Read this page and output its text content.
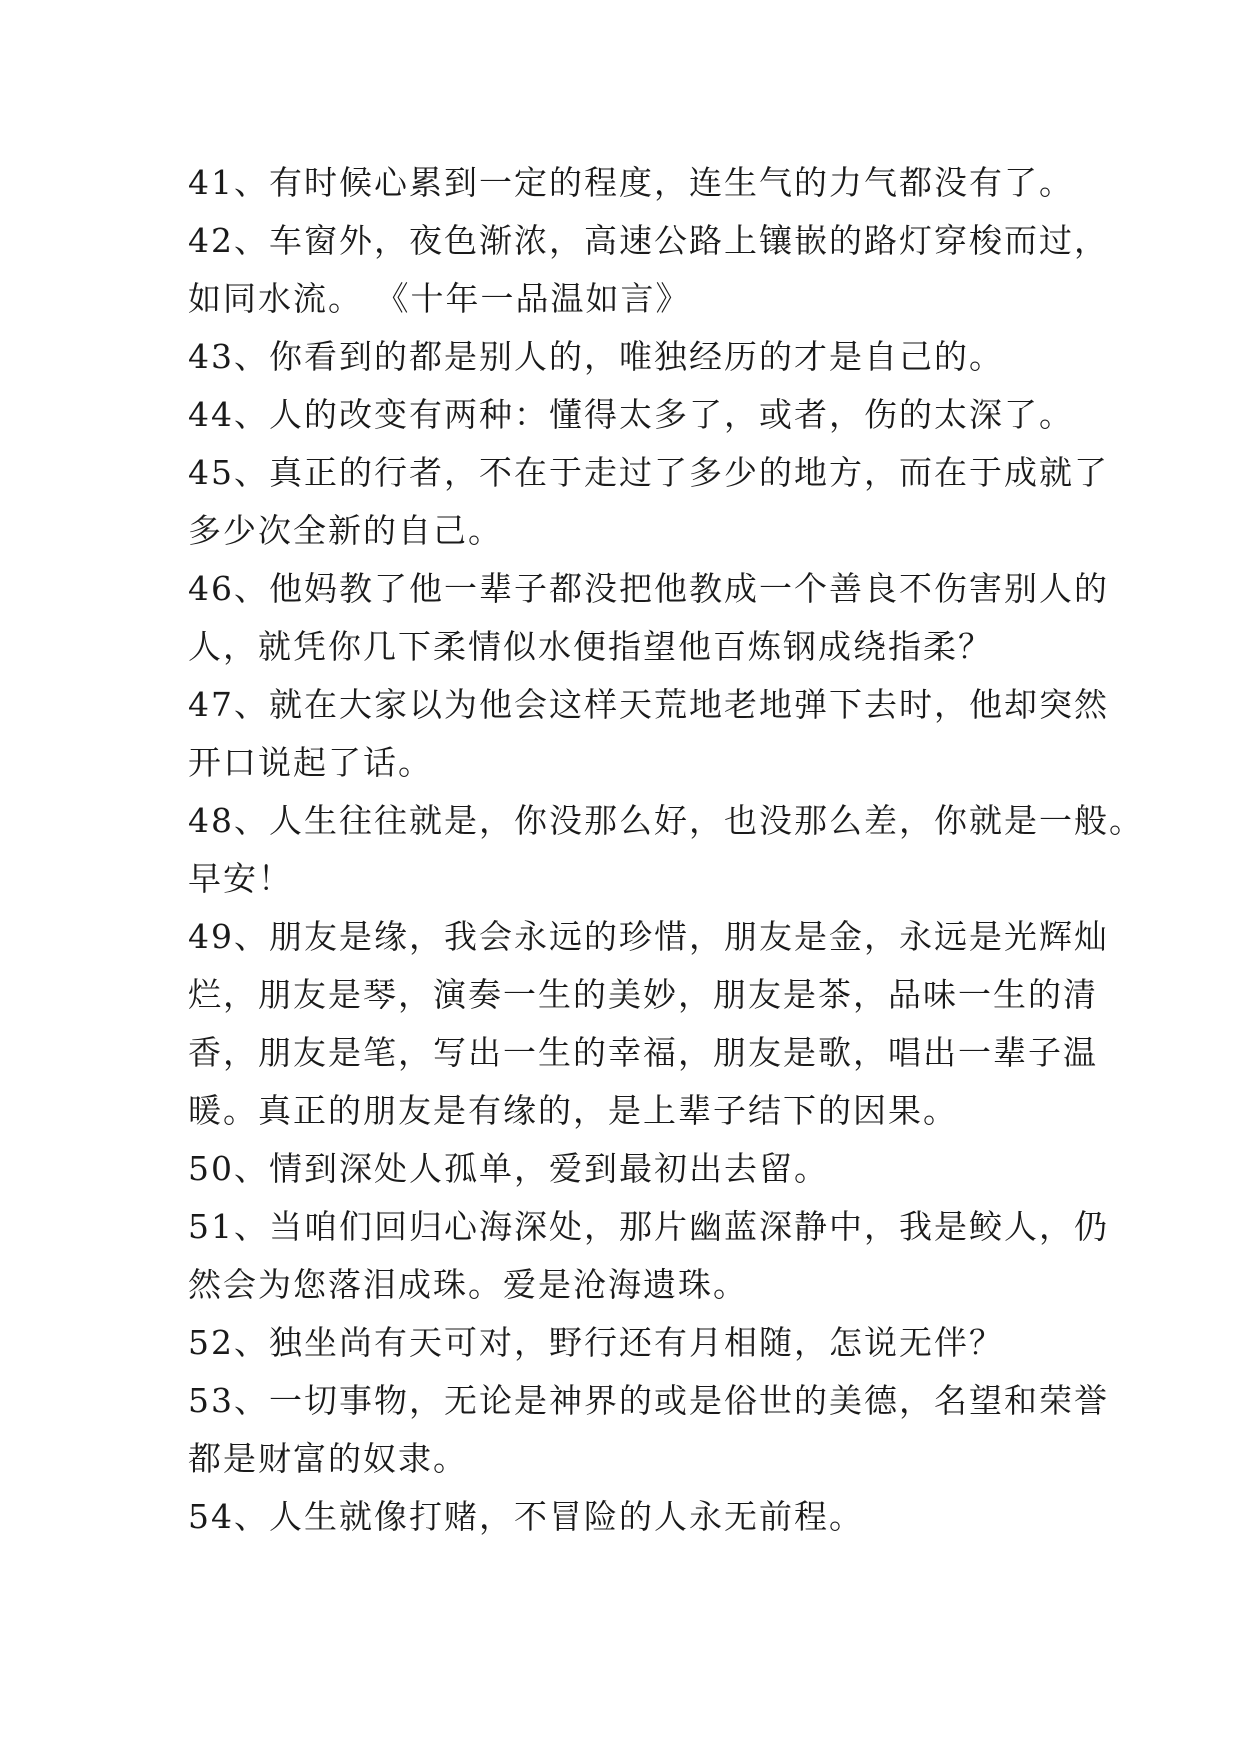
41、有时候心累到一定的程度，连生气的力气都没有了。
42、车窗外，夜色渐浓，高速公路上镶嵌的路灯穿梭而过，
如同水流。 《十年一品温如言》
43、你看到的都是别人的，唯独经历的才是自己的。
44、人的改变有两种：懂得太多了，或者，伤的太深了。
45、真正的行者，不在于走过了多少的地方，而在于成就了
多少次全新的自己。
46、他妈教了他一辈子都没把他教成一个善良不伤害别人的
人，就凭你几下柔情似水便指望他百炼钢成绕指柔？
47、就在大家以为他会这样天荒地老地弹下去时，他却突然
开口说起了话。
48、人生往往就是，你没那么好，也没那么差，你就是一般。
早安！
49、朋友是缘，我会永远的珍惜，朋友是金，永远是光辉灿
烂，朋友是琴，演奏一生的美妙，朋友是茶，品味一生的清
香，朋友是笔，写出一生的幸福，朋友是歌，唱出一辈子温
暖。真正的朋友是有缘的，是上辈子结下的因果。
50、情到深处人孤单，爱到最初出去留。
51、当咱们回归心海深处，那片幽蓝深静中，我是鲛人，仍
然会为您落泪成珠。爱是沧海遗珠。
52、独坐尚有天可对，野行还有月相随，怎说无伴？
53、一切事物，无论是神界的或是俗世的美德，名望和荣誉
都是财富的奴隶。
54、人生就像打赌，不冒险的人永无前程。
